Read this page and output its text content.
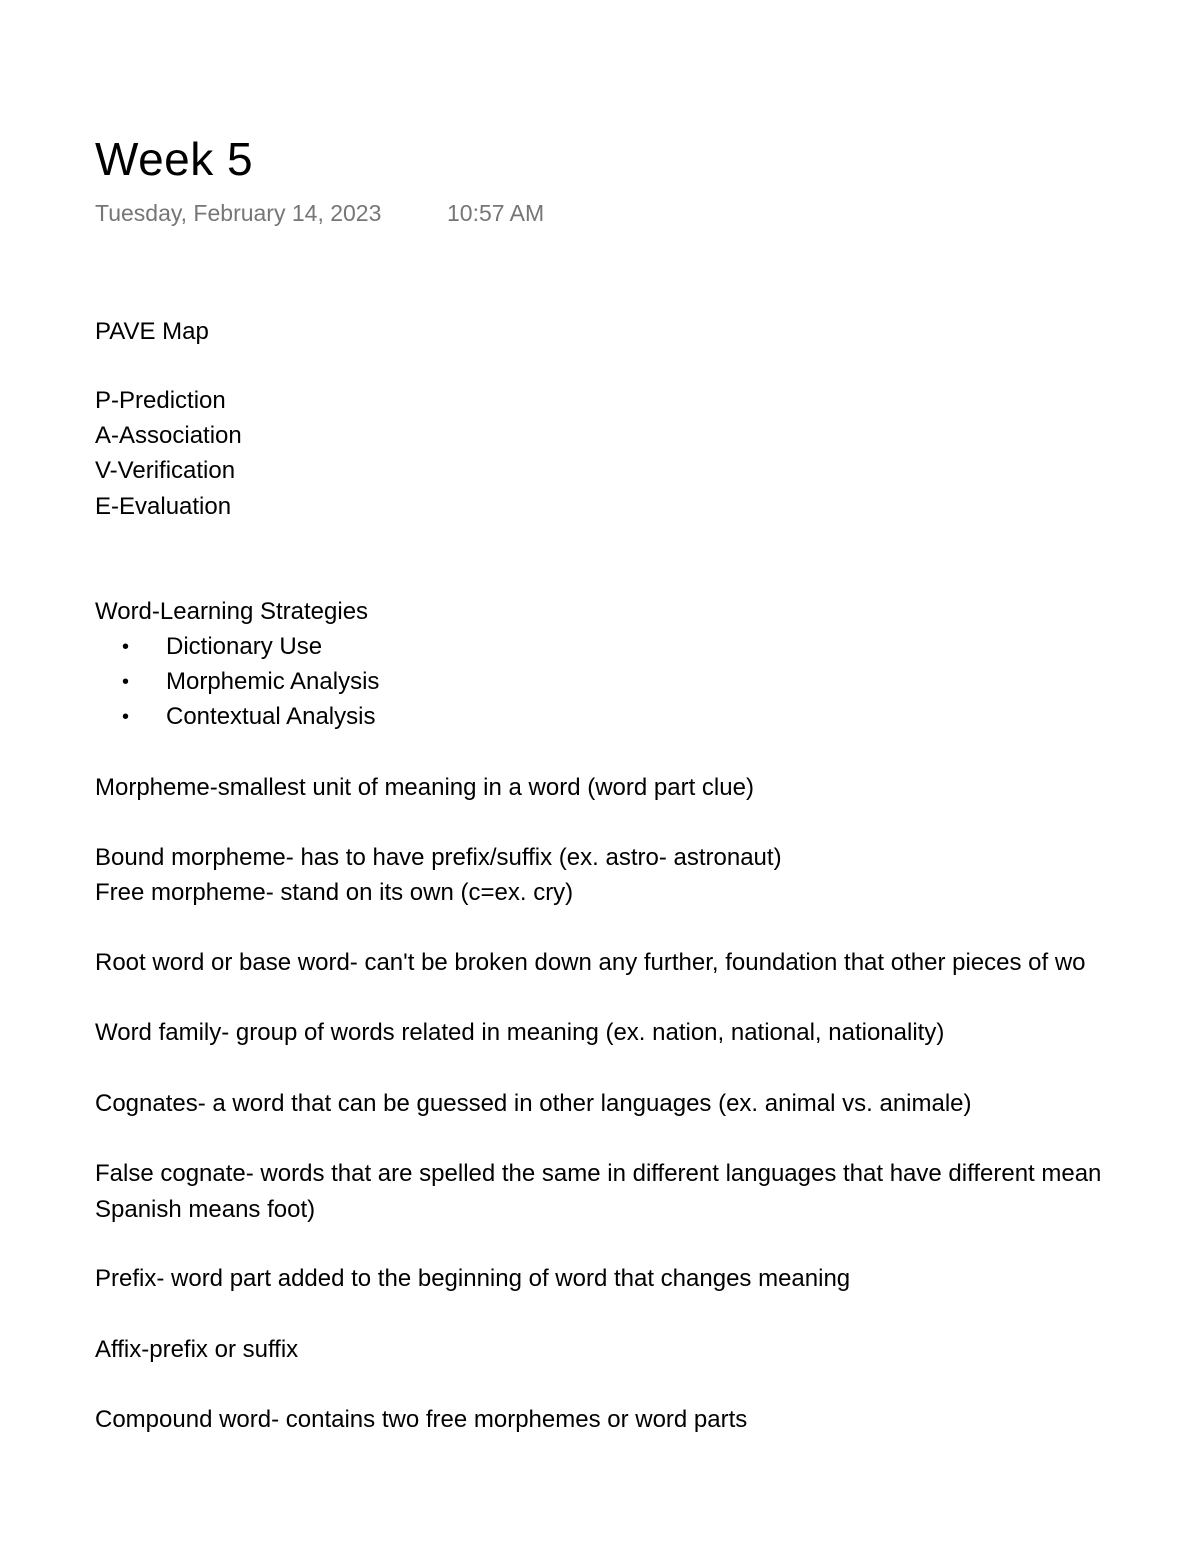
Week 5
Tuesday, February 14, 2023	10:57 AM
PAVE Map
P-Prediction
A-Association
V-Verification
E-Evaluation
Word-Learning Strategies
• Dictionary Use
• Morphemic Analysis
• Contextual Analysis
Morpheme-smallest unit of meaning in a word (word part clue)
Bound morpheme- has to have prefix/suffix (ex. astro- astronaut)
Free morpheme- stand on its own (c=ex. cry)
Root word or base word- can't be broken down any further, foundation that other pieces of wo
Word family- group of words related in meaning (ex. nation, national, nationality)
Cognates- a word that can be guessed in other languages (ex. animal vs. animale)
False cognate- words that are spelled the same in different languages that have different mean
Spanish means foot)
Prefix- word part added to the beginning of word that changes meaning
Affix-prefix or suffix
Compound word- contains two free morphemes or word parts
